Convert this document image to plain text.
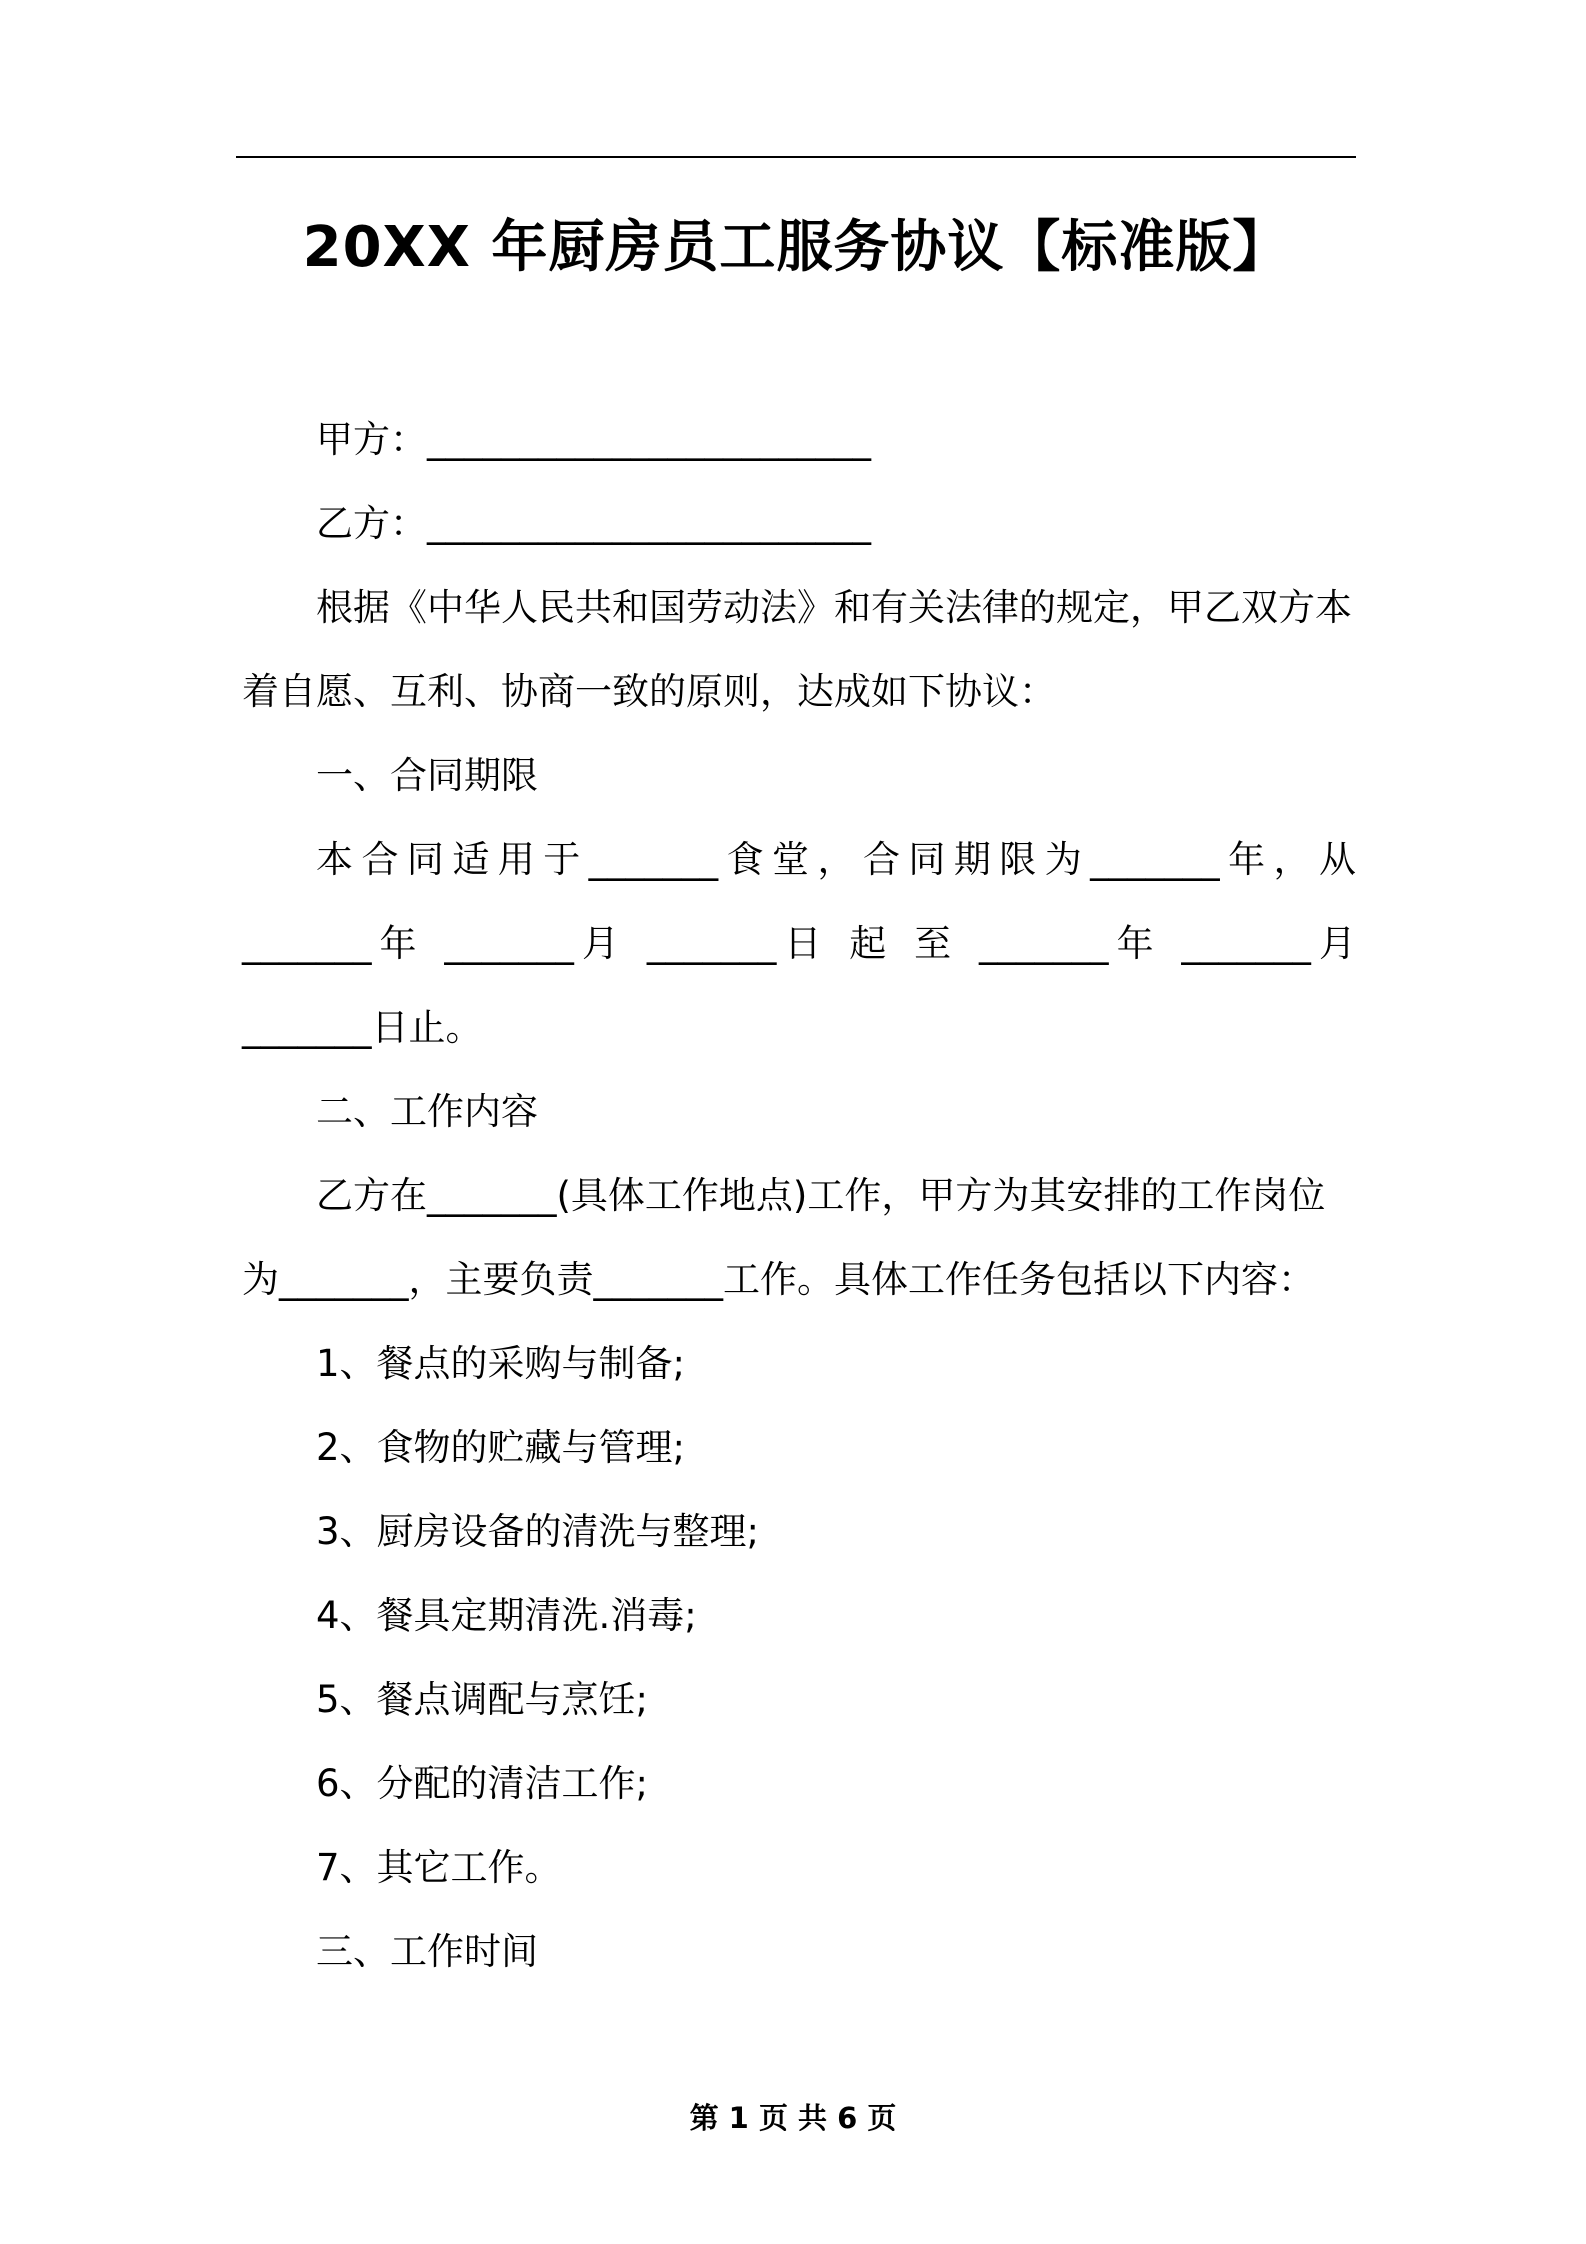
20XX 年厨房员工服务协议【标准版】
甲方：________________________
乙方：________________________
根据《中华人民共和国劳动法》和有关法律的规定，甲乙双方本
着自愿、互利、协商一致的原则，达成如下协议：
一、合同期限
本合同适用于_______食堂，合同期限为_______年，从
_______年 _______月 _______日 起 至 _______年 _______月
_______日止。
二、工作内容
乙方在_______(具体工作地点)工作，甲方为其安排的工作岗位
为_______，主要负责_______工作。具体工作任务包括以下内容：
1、餐点的采购与制备;
2、食物的贮藏与管理;
3、厨房设备的清洗与整理;
4、餐具定期清洗.消毒;
5、餐点调配与烹饪;
6、分配的清洁工作;
7、其它工作。
三、工作时间
第 1 页 共 6 页
